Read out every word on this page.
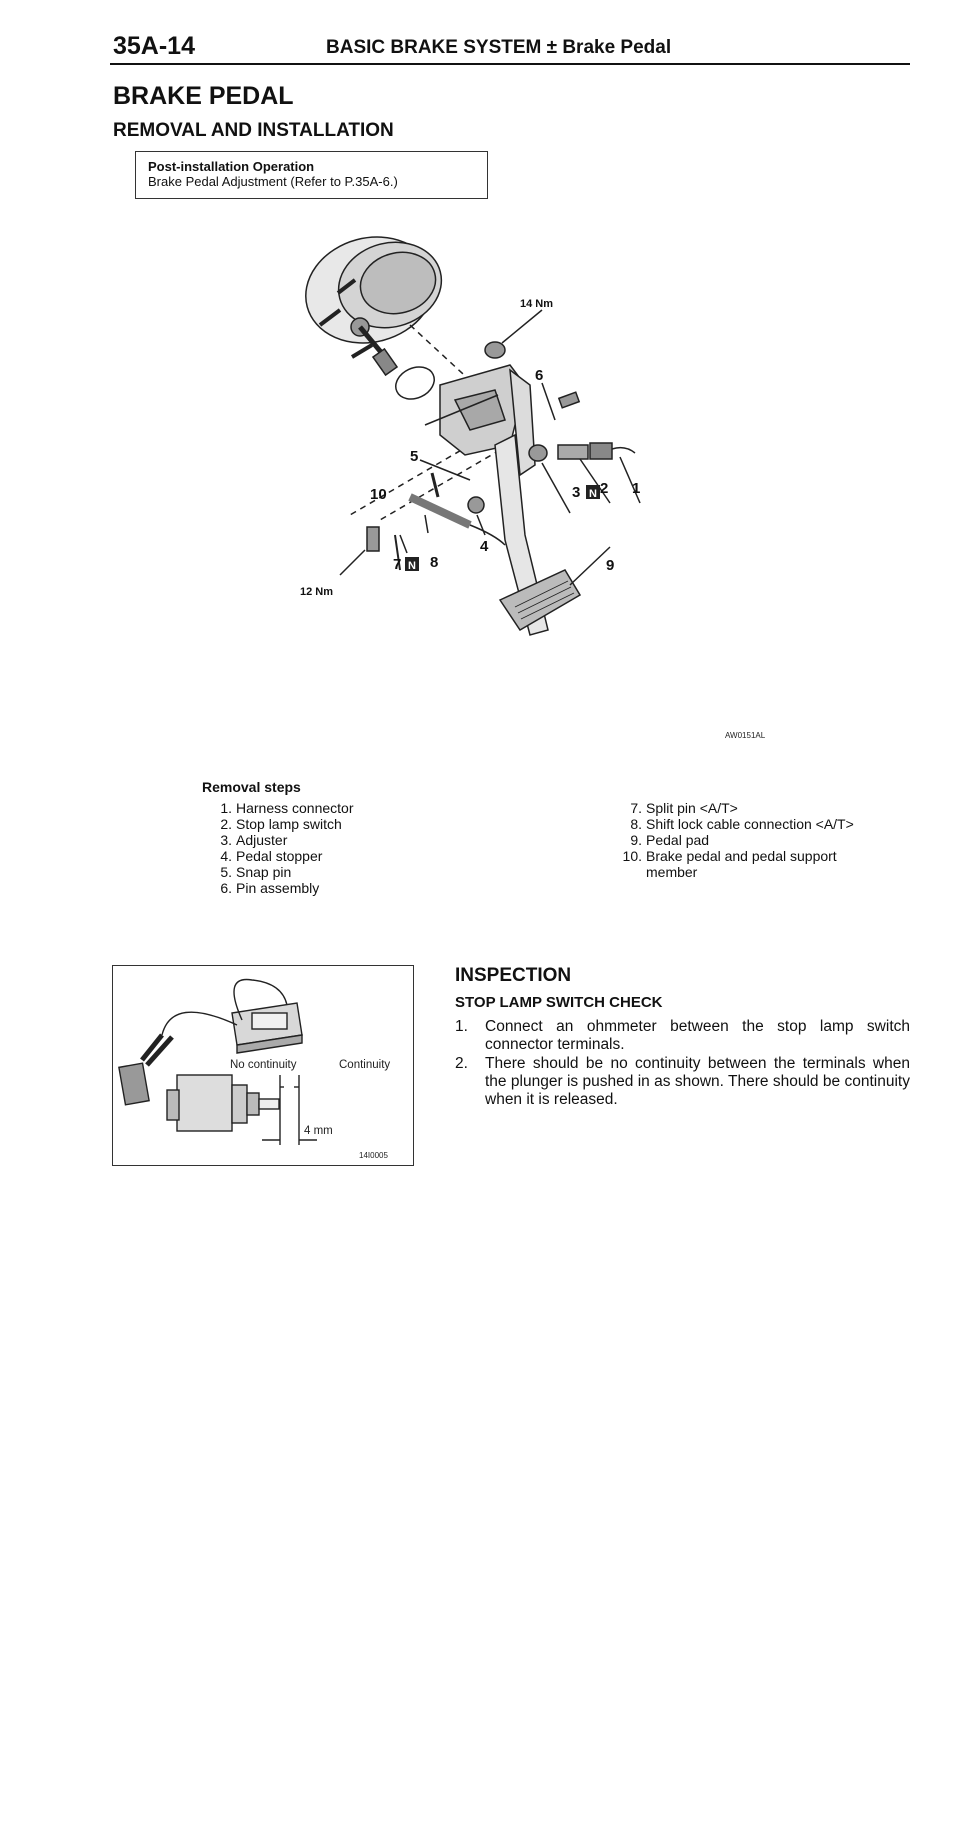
35A-14	BASIC BRAKE SYSTEM ± Brake Pedal
BRAKE PEDAL
REMOVAL AND INSTALLATION
Post-installation Operation
Brake Pedal Adjustment (Refer to P.35A-6.)
14 Nm
12 Nm
1
2
3
4
5
6
7 8	9
10	N
N
AW0151AL
Removal steps
1. Harness connector
2. Stop lamp switch
3. Adjuster
4. Pedal stopper
5. Snap pin
6. Pin assembly
7. Split pin <A/T>
8. Shift lock cable connection <A/T>
9. Pedal pad
10. Brake pedal and pedal support
member
No continuity	Continuity
4 mm
14I0005
INSPECTION
STOP LAMP SWITCH CHECK
1. Connect an ohmmeter between the stop lamp switch connector terminals.
2. There should be no continuity between the terminals when the plunger is pushed in as shown. There should be continuity when it is released.
